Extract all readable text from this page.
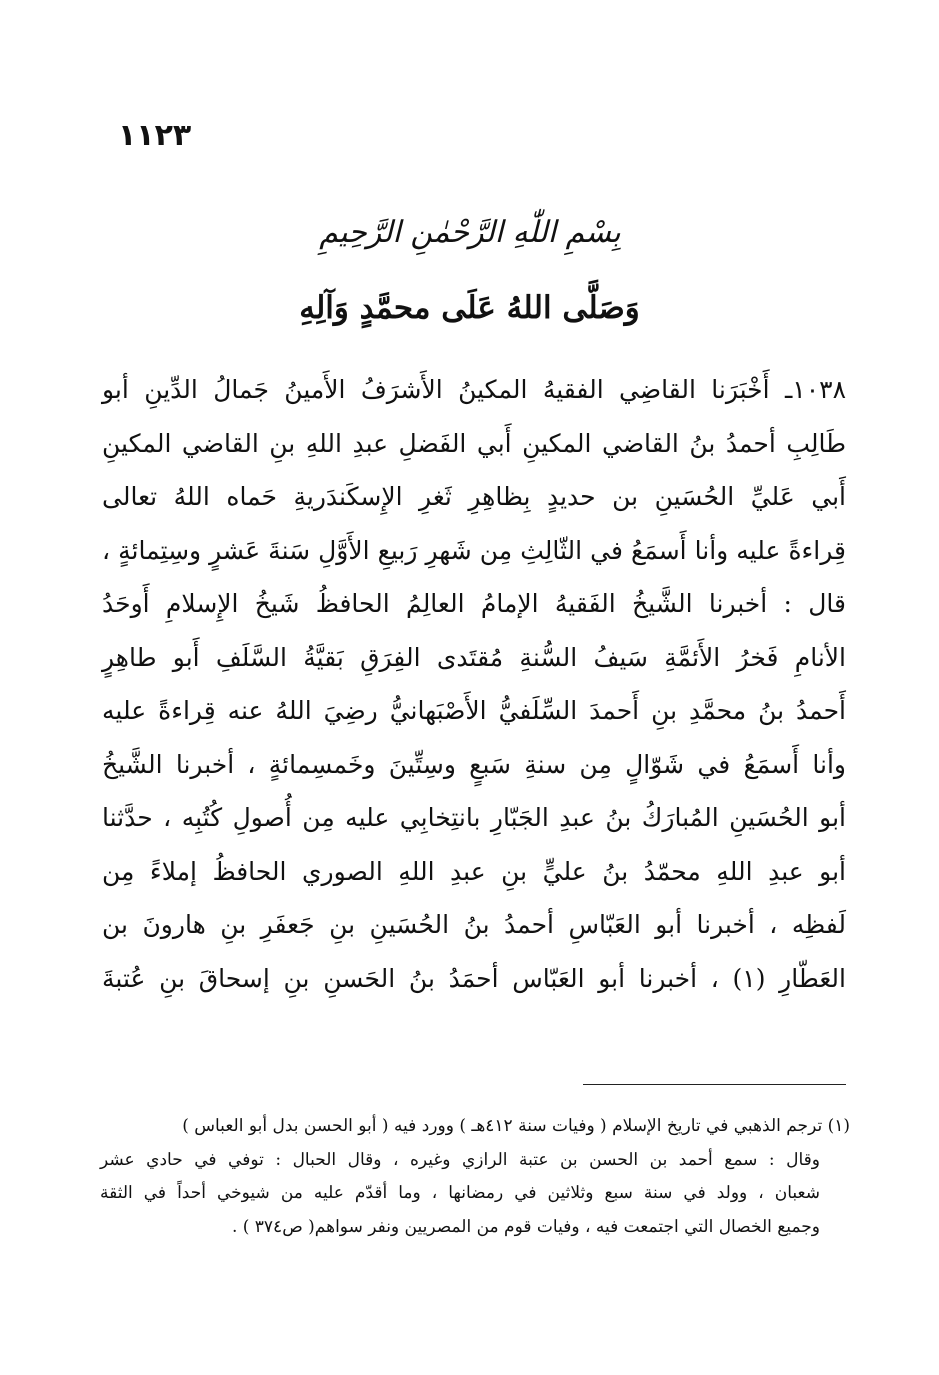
١١٢٣
بِسْمِ اللّٰهِ الرَّحْمٰنِ الرَّحِيمِ
وَصَلَّى اللهُ عَلَى محمَّدٍ وَآلِهِ
١٠٣٨ـ أَخْبَرَنا القاضِي الفقيهُ المكينُ الأَشرَفُ الأَمينُ جَمالُ الدِّينِ أبو
طَالِبِ أحمدُ بنُ القاضي المكينِ أَبي الفَضلِ عبدِ اللهِ بنِ القاضي المكينِ
أَبي عَليِّ الحُسَينِ بن حديدٍ بِظاهِرِ ثَغرِ الإِسكَندَريةِ حَماه اللهُ تعالى
قِراءةً عليه وأنا أَسمَعُ في الثّالِثِ مِن شَهرِ رَبيعِ الأَوَّلِ سَنةَ عَشرٍ وسِتِمائةٍ ،
قال : أخبرنا الشَّيخُ الفَقيهُ الإمامُ العالِمُ الحافظُ شَيخُ الإِسلامِ أَوحَدُ
الأنامِ فَخرُ الأَئمَّةِ سَيفُ السُّنةِ مُقتَدى الفِرَقِ بَقيَّةُ السَّلَفِ أَبو طاهِرٍ
أَحمدُ بنُ محمَّدِ بنِ أَحمدَ السِّلَفيُّ الأَصْبَهانيُّ رضِيَ اللهُ عنه قِراءةً عليه
وأنا أَسمَعُ في شَوّالٍ مِن سنةِ سَبعٍ وسِتِّينَ وخَمسِمائةٍ ، أخبرنا الشَّيخُ
أبو الحُسَينِ المُبارَكُ بنُ عبدِ الجَبّارِ بانتِخابِي عليه مِن أُصولِ كُتُبِه ، حدَّثنا
أبو عبدِ اللهِ محمّدُ بنُ عليٍّ بنِ عبدِ اللهِ الصوري الحافظُ إملاءً مِن
لَفظِه ، أخبرنا أبو العَبّاسِ أحمدُ بنُ الحُسَينِ بنِ جَعفَرِ بنِ هارونَ بن
العَطّارِ (١) ، أخبرنا أبو العَبّاس أحمَدُ بنُ الحَسنِ بنِ إسحاقَ بنِ عُتبةَ
(١) ترجم الذهبي في تاريخ الإسلام ( وفيات سنة ٤١٢هـ ) وورد فيه ( أبو الحسن بدل أبو العباس )
وقال : سمع أحمد بن الحسن بن عتبة الرازي وغيره ، وقال الحبال : توفي في حادي عشر
شعبان ، وولد في سنة سبع وثلاثين في رمضانها ، وما أقدّم عليه من شيوخي أحداً في الثقة
وجميع الخصال التي اجتمعت فيه ، وفيات قوم من المصريين ونفر سواهم( ص٣٧٤ ) .
